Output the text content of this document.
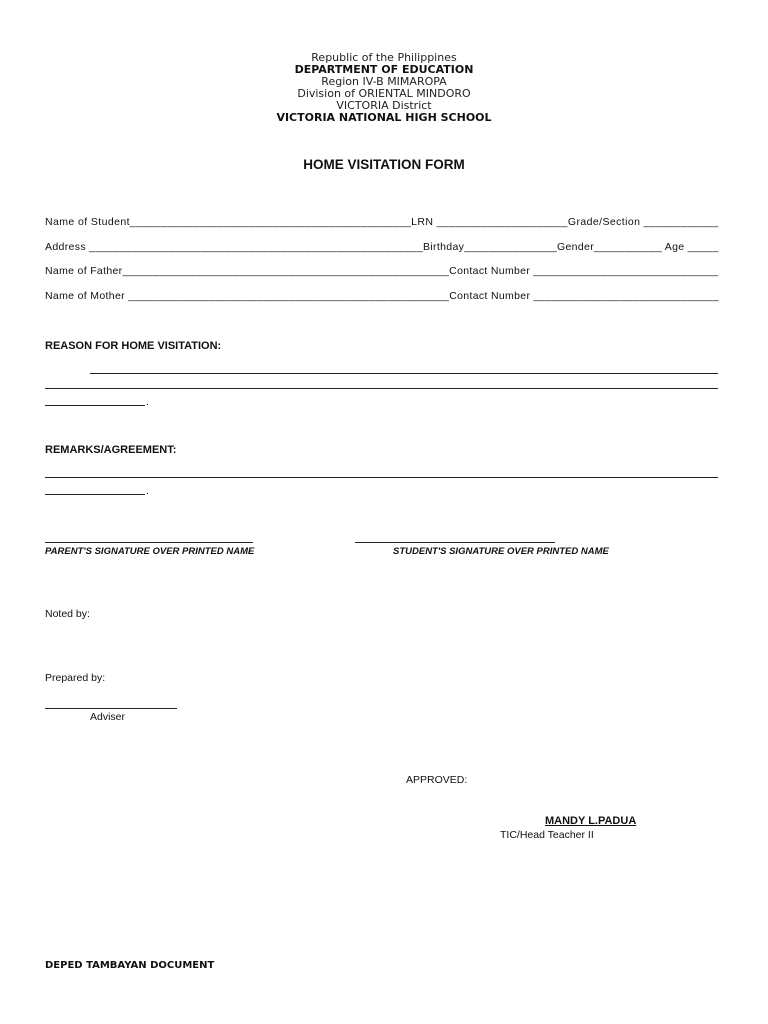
Republic of the Philippines
DEPARTMENT OF EDUCATION
Region IV-B MIMAROPA
Division of ORIENTAL MINDORO
VICTORIA District
VICTORIA NATIONAL HIGH SCHOOL
HOME VISITATION FORM
Name of Student_____________________________________________LRN _____________________Grade/Section ____________
Address ______________________________________________________Birthday_______________Gender___________ Age _____
Name of Father_____________________________________________________Contact Number ______________________________
Name of Mother ____________________________________________________Contact Number ______________________________
REASON FOR HOME VISITATION:
.
REMARKS/AGREEMENT:
.
PARENT'S SIGNATURE OVER PRINTED NAME	STUDENT'S SIGNATURE OVER PRINTED NAME
Noted by:
Prepared by:
Adviser
APPROVED:
MANDY L.PADUA
TIC/Head Teacher II
DEPED TAMBAYAN DOCUMENT
